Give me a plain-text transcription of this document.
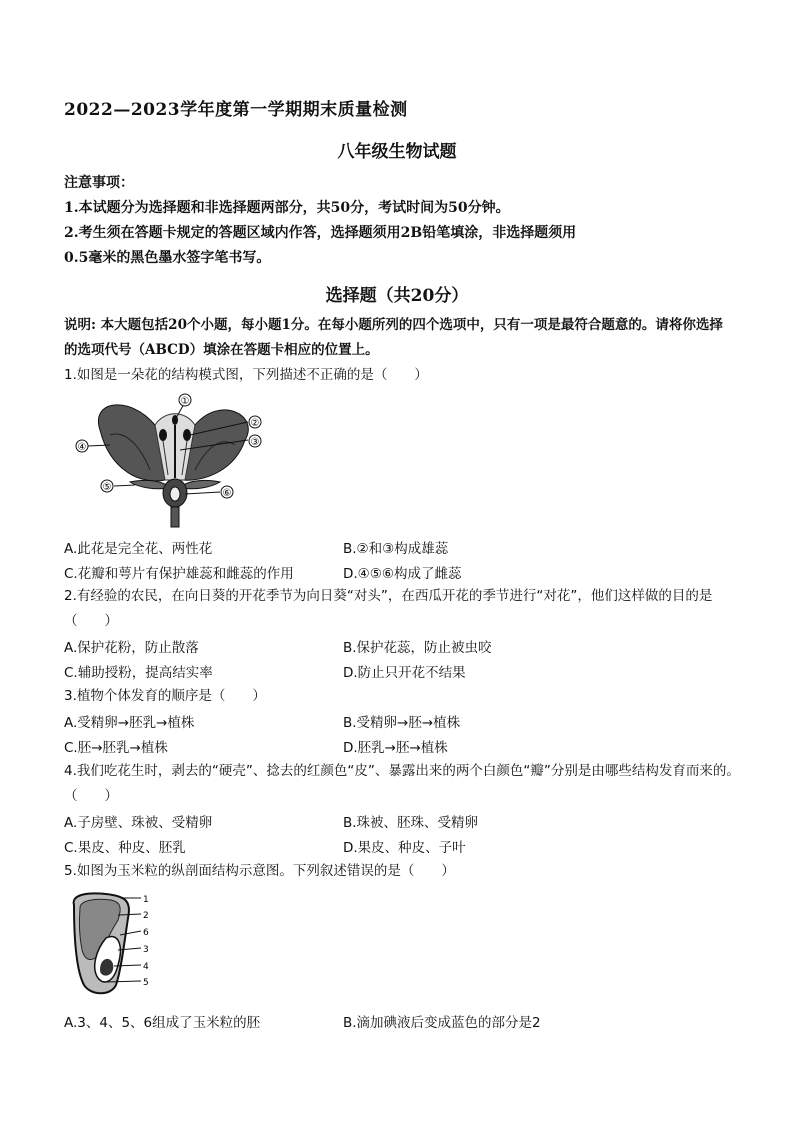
2022—2023学年度第一学期期末质量检测
八年级生物试题
注意事项：
1.本试题分为选择题和非选择题两部分，共50分，考试时间为50分钟。
2.考生须在答题卡规定的答题区域内作答，选择题须用2B铅笔填涂，非选择题须用
0.5毫米的黑色墨水签字笔书写。
选择题（共20分）
说明: 本大题包括20个小题，每小题1分。在每小题所列的四个选项中，只有一项是最符合题意的。请将你选择的选项代号（ABCD）填涂在答题卡相应的位置上。
1.如图是一朵花的结构模式图，下列描述不正确的是（　　）
①
②
③
④
⑤
⑥
A.此花是完全花、两性花	B.②和③构成雄蕊
C.花瓣和萼片有保护雄蕊和雌蕊的作用	D.④⑤⑥构成了雌蕊
2.有经验的农民，在向日葵的开花季节为向日葵“对头”，在西瓜开花的季节进行“对花”，他们这样做的目的是（　　）
A.保护花粉，防止散落	B.保护花蕊，防止被虫咬
C.辅助授粉，提高结实率	D.防止只开花不结果
3.植物个体发育的顺序是（　　）
A.受精卵→胚乳→植株	B.受精卵→胚→植株
C.胚→胚乳→植株	D.胚乳→胚→植株
4.我们吃花生时，剥去的“硬壳”、捻去的红颜色“皮”、暴露出来的两个白颜色“瓣”分别是由哪些结构发育而来的。（　　）
A.子房壁、珠被、受精卵	B.珠被、胚珠、受精卵
C.果皮、种皮、胚乳	D.果皮、种皮、子叶
5.如图为玉米粒的纵剖面结构示意图。下列叙述错误的是（　　）
1
2
6
3
4
5
A.3、4、5、6组成了玉米粒的胚	B.滴加碘液后变成蓝色的部分是2
